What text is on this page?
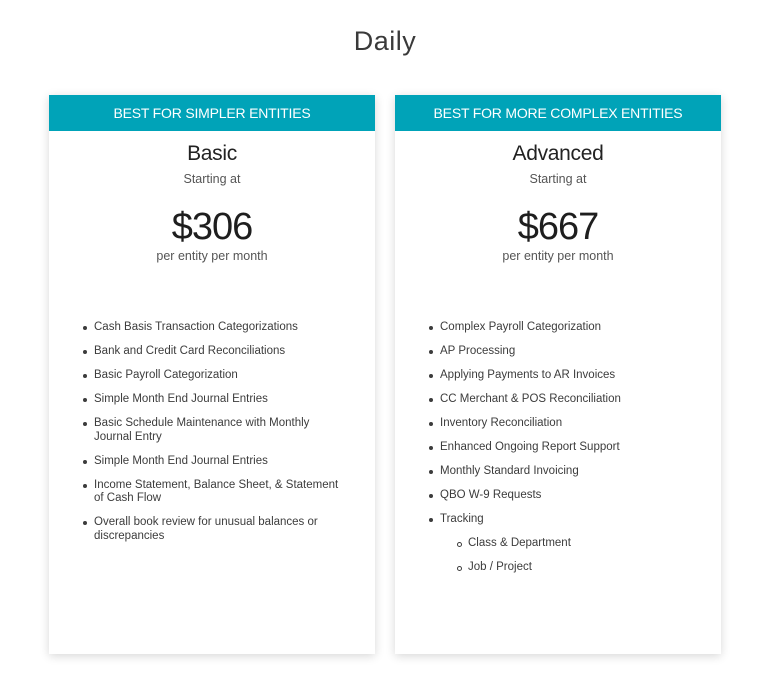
Daily
BEST FOR SIMPLER ENTITIES
Basic
Starting at
$306
per entity per month
Cash Basis Transaction Categorizations
Bank and Credit Card Reconciliations
Basic Payroll Categorization
Simple Month End Journal Entries
Basic Schedule Maintenance with Monthly Journal Entry
Simple Month End Journal Entries
Income Statement, Balance Sheet, & Statement of Cash Flow
Overall book review for unusual balances or discrepancies
BEST FOR MORE COMPLEX ENTITIES
Advanced
Starting at
$667
per entity per month
Complex Payroll Categorization
AP Processing
Applying Payments to AR Invoices
CC Merchant & POS Reconciliation
Inventory Reconciliation
Enhanced Ongoing Report Support
Monthly Standard Invoicing
QBO W-9 Requests
Tracking
Class & Department
Job / Project
